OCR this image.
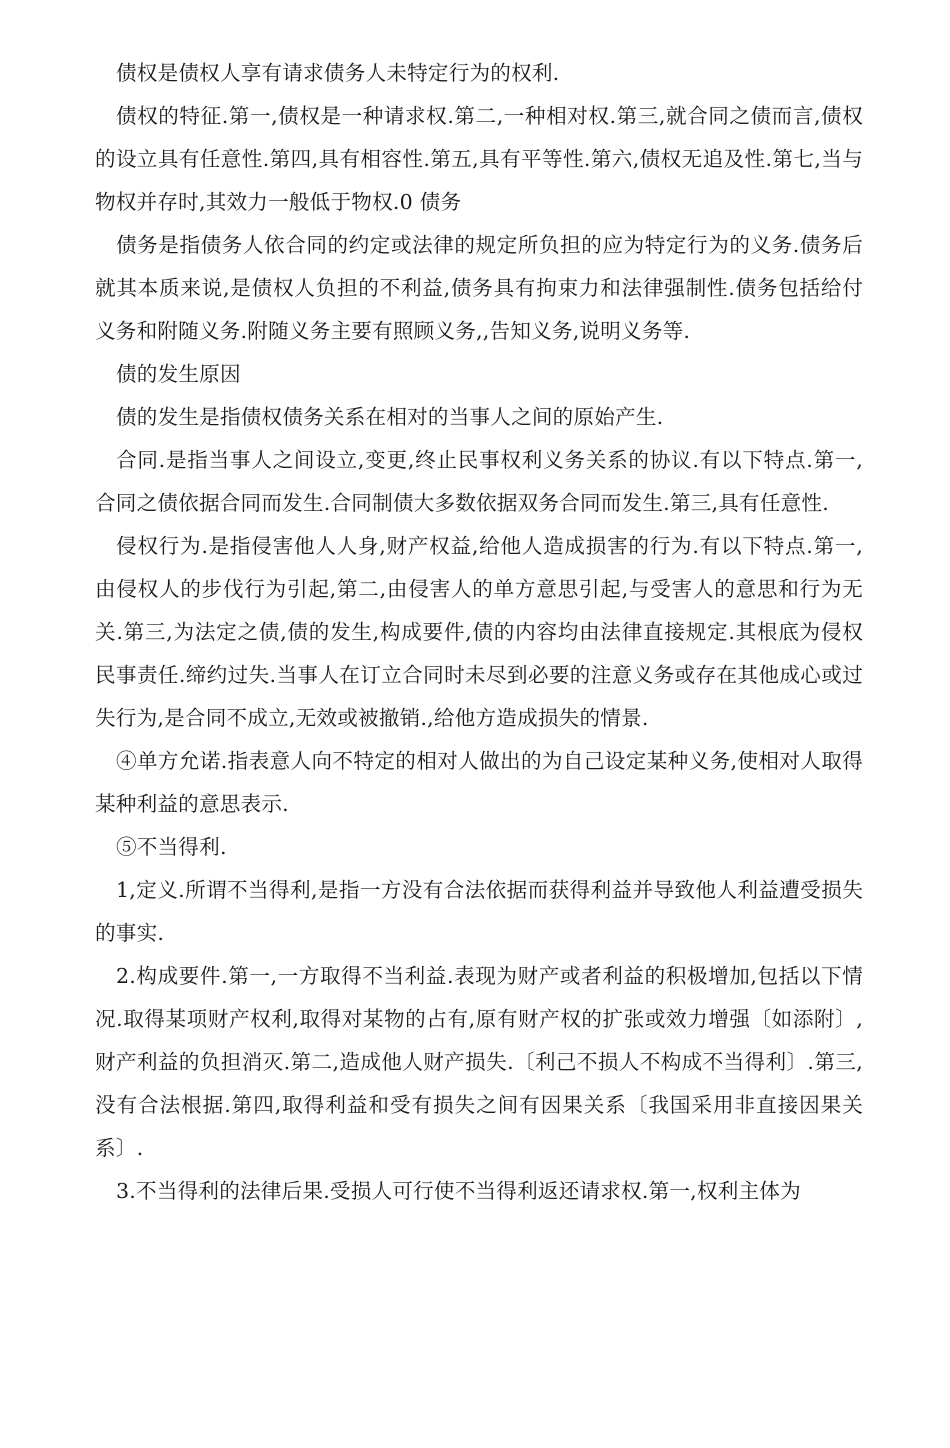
债权是债权人享有请求债务人未特定行为的权利.

债权的特征.第一,债权是一种请求权.第二,一种相对权.第三,就合同之债而言,债权的设立具有任意性.第四,具有相容性.第五,具有平等性.第六,债权无追及性.第七,当与物权并存时,其效力一般低于物权.0 债务

债务是指债务人依合同的约定或法律的规定所负担的应为特定行为的义务.债务后就其本质来说,是债权人负担的不利益,债务具有拘束力和法律强制性.债务包括给付义务和附随义务.附随义务主要有照顾义务,,告知义务,说明义务等.

债的发生原因

债的发生是指债权债务关系在相对的当事人之间的原始产生.

合同.是指当事人之间设立,变更,终止民事权利义务关系的协议.有以下特点.第一,合同之债依据合同而发生.合同制债大多数依据双务合同而发生.第三,具有任意性.

侵权行为.是指侵害他人人身,财产权益,给他人造成损害的行为.有以下特点.第一,由侵权人的步伐行为引起,第二,由侵害人的单方意思引起,与受害人的意思和行为无关.第三,为法定之债,债的发生,构成要件,债的内容均由法律直接规定.其根底为侵权民事责任.缔约过失.当事人在订立合同时未尽到必要的注意义务或存在其他成心或过失行为,是合同不成立,无效或被撤销.,给他方造成损失的情景.

④单方允诺.指表意人向不特定的相对人做出的为自己设定某种义务,使相对人取得某种利益的意思表示.

⑤不当得利.

1,定义.所谓不当得利,是指一方没有合法依据而获得利益并导致他人利益遭受损失的事实.

2.构成要件.第一,一方取得不当利益.表现为财产或者利益的积极增加,包括以下情况.取得某项财产权利,取得对某物的占有,原有财产权的扩张或效力增强〔如添附〕,财产利益的负担消灭.第二,造成他人财产损失.〔利己不损人不构成不当得利〕.第三,没有合法根据.第四,取得利益和受有损失之间有因果关系〔我国采用非直接因果关系〕.

3.不当得利的法律后果.受损人可行使不当得利返还请求权.第一,权利主体为
